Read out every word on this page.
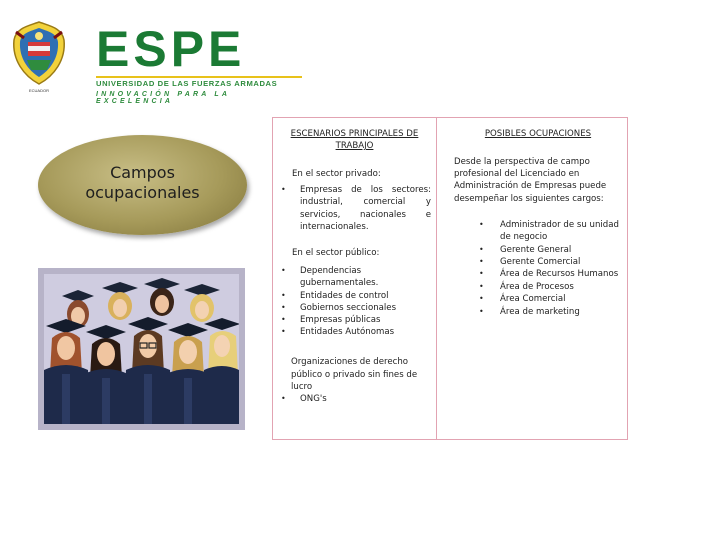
ECUADOR
ESPE
UNIVERSIDAD DE LAS FUERZAS ARMADAS
INNOVACIÓN PARA LA EXCELENCIA
Campos
ocupacionales
ESCENARIOS PRINCIPALES DE TRABAJO
En el sector privado:
• Empresas de los sectores: industrial, comercial y servicios, nacionales e internacionales.
En el sector público:
• Dependencias gubernamentales.
• Entidades de control
• Gobiernos seccionales
• Empresas públicas
• Entidades Autónomas
Organizaciones de derecho público o privado sin fines de lucro
• ONG's
POSIBLES OCUPACIONES
Desde la perspectiva de campo profesional del Licenciado en Administración de Empresas puede desempeñar los siguientes cargos:
• Administrador de su unidad de negocio
• Gerente General
• Gerente Comercial
• Área de Recursos Humanos
• Área de Procesos
• Área Comercial
• Área de marketing
